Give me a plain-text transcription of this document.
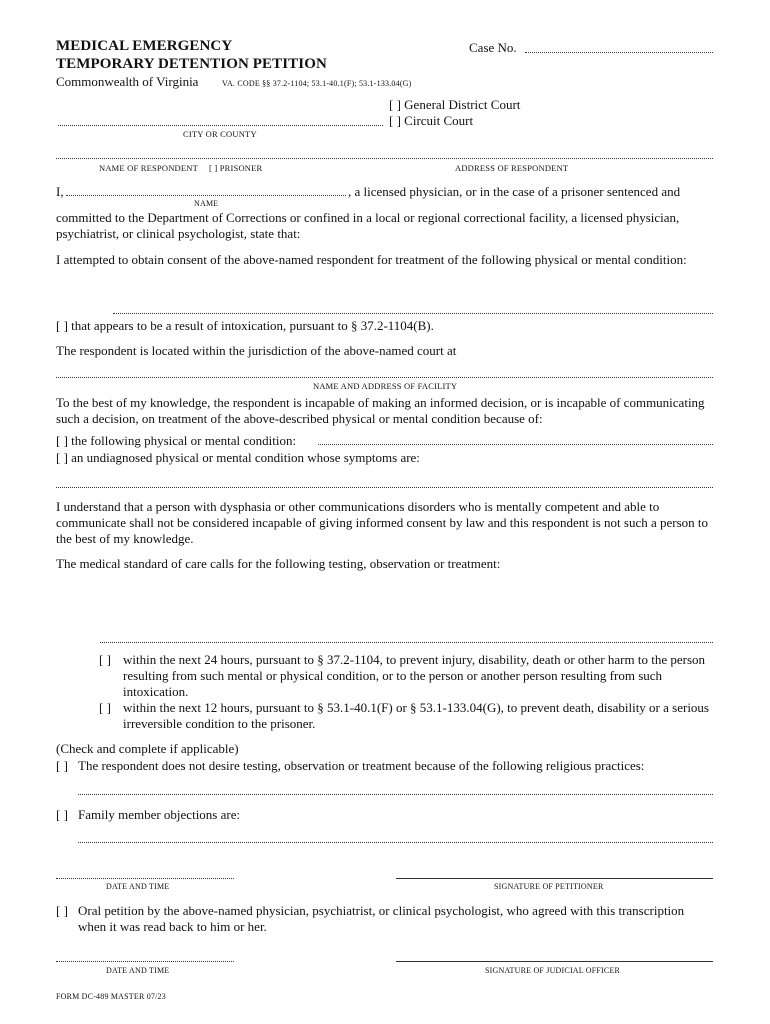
MEDICAL EMERGENCY
TEMPORARY DETENTION PETITION
Commonwealth of Virginia	VA. CODE §§ 37.2-1104; 53.1-40.1(F); 53.1-133.04(G)
Case No.
[ ] General District Court
[ ] Circuit Court
CITY OR COUNTY
NAME OF RESPONDENT [ ] PRISONER	ADDRESS OF RESPONDENT
I,	, a licensed physician, or in the case of a prisoner sentenced and
NAME
committed to the Department of Corrections or confined in a local or regional correctional facility, a licensed physician, psychiatrist, or clinical psychologist, state that:
I attempted to obtain consent of the above-named respondent for treatment of the following physical or mental condition:
[ ] that appears to be a result of intoxication, pursuant to § 37.2-1104(B).
The respondent is located within the jurisdiction of the above-named court at
NAME AND ADDRESS OF FACILITY
To the best of my knowledge, the respondent is incapable of making an informed decision, or is incapable of communicating such a decision, on treatment of the above-described physical or mental condition because of:
[ ] the following physical or mental condition:
[ ] an undiagnosed physical or mental condition whose symptoms are:
I understand that a person with dysphasia or other communications disorders who is mentally competent and able to communicate shall not be considered incapable of giving informed consent by law and this respondent is not such a person to the best of my knowledge.
The medical standard of care calls for the following testing, observation or treatment:
[ ] within the next 24 hours, pursuant to § 37.2-1104, to prevent injury, disability, death or other harm to the person resulting from such mental or physical condition, or to the person or another person resulting from such intoxication.
[ ] within the next 12 hours, pursuant to § 53.1-40.1(F) or § 53.1-133.04(G), to prevent death, disability or a serious irreversible condition to the prisoner.
(Check and complete if applicable)
[ ] The respondent does not desire testing, observation or treatment because of the following religious practices:
[ ] Family member objections are:
DATE AND TIME	SIGNATURE OF PETITIONER
[ ] Oral petition by the above-named physician, psychiatrist, or clinical psychologist, who agreed with this transcription when it was read back to him or her.
DATE AND TIME	SIGNATURE OF JUDICIAL OFFICER
FORM DC-489 MASTER 07/23
